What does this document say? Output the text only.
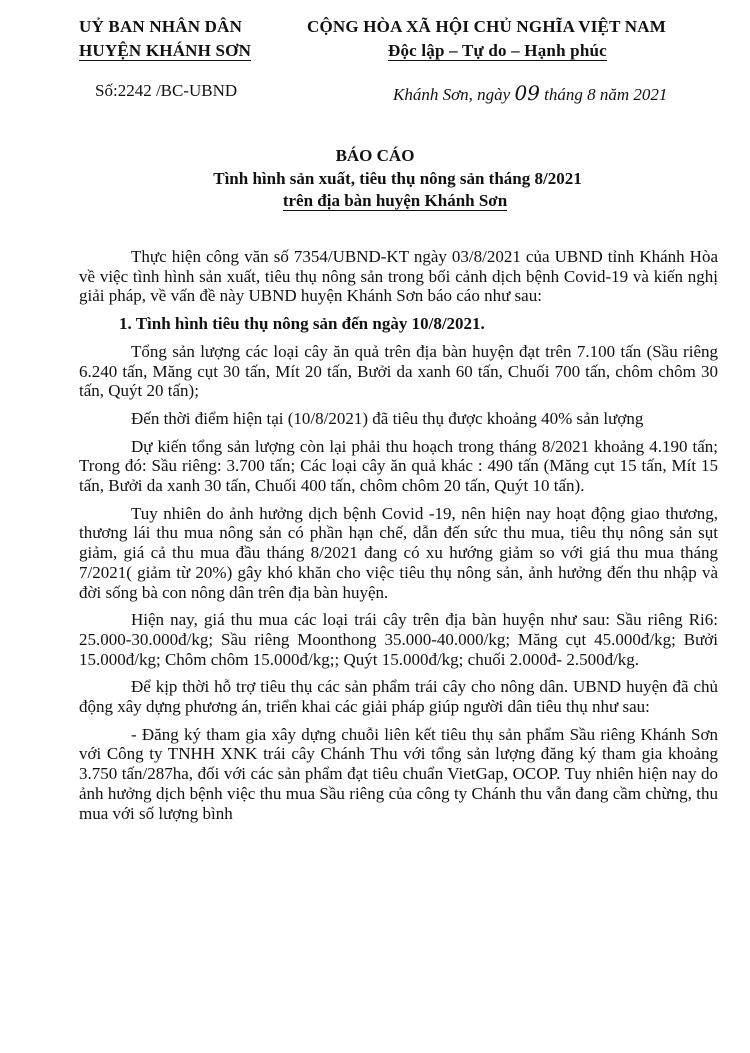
UỶ BAN NHÂN DÂN
HUYỆN KHÁNH SƠN
Số:2242 /BC-UBND
CỘNG HÒA XÃ HỘI CHỦ NGHĨA VIỆT NAM
Độc lập – Tự do – Hạnh phúc
Khánh Sơn, ngày 09 tháng 8 năm 2021
BÁO CÁO
Tình hình sản xuất, tiêu thụ nông sản tháng 8/2021
trên địa bàn huyện Khánh Sơn

Thực hiện công văn số 7354/UBND-KT ngày 03/8/2021 của UBND tỉnh Khánh Hòa về việc tình hình sản xuất, tiêu thụ nông sản trong bối cảnh dịch bệnh Covid-19 và kiến nghị giải pháp, về vấn đề này UBND huyện Khánh Sơn báo cáo như sau:

1. Tình hình tiêu thụ nông sản đến ngày 10/8/2021.

Tổng sản lượng các loại cây ăn quả trên địa bàn huyện đạt trên 7.100 tấn (Sầu riêng 6.240 tấn, Măng cụt 30 tấn, Mít 20 tấn, Bưởi da xanh 60 tấn, Chuối 700 tấn, chôm chôm 30 tấn, Quýt 20 tấn);

Đến thời điểm hiện tại (10/8/2021) đã tiêu thụ được khoảng 40% sản lượng

Dự kiến tổng sản lượng còn lại phải thu hoạch trong tháng 8/2021 khoảng 4.190 tấn; Trong đó: Sầu riêng: 3.700 tấn; Các loại cây ăn quả khác : 490 tấn (Măng cụt 15 tấn, Mít 15 tấn, Bưởi da xanh 30 tấn, Chuối 400 tấn, chôm chôm 20 tấn, Quýt 10 tấn).

Tuy nhiên do ảnh hưởng dịch bệnh Covid -19, nên hiện nay hoạt động giao thương, thương lái thu mua nông sản có phần hạn chế, dẫn đến sức thu mua, tiêu thụ nông sản sụt giảm, giá cả thu mua đầu tháng 8/2021 đang có xu hướng giảm so với giá thu mua tháng 7/2021( giảm từ 20%) gây khó khăn cho việc tiêu thụ nông sản, ảnh hưởng đến thu nhập và đời sống bà con nông dân trên địa bàn huyện.

Hiện nay, giá thu mua các loại trái cây trên địa bàn huyện như sau: Sầu riêng Ri6: 25.000-30.000đ/kg; Sầu riêng Moonthong 35.000-40.000/kg; Măng cụt 45.000đ/kg; Bưởi 15.000đ/kg; Chôm chôm 15.000đ/kg;; Quýt 15.000đ/kg; chuối 2.000đ- 2.500đ/kg.

Để kịp thời hỗ trợ tiêu thụ các sản phẩm trái cây cho nông dân. UBND huyện đã chủ động xây dựng phương án, triển khai các giải pháp giúp người dân tiêu thụ như sau:

- Đăng ký tham gia xây dựng chuỗi liên kết tiêu thụ sản phẩm Sầu riêng Khánh Sơn với Công ty TNHH XNK trái cây Chánh Thu với tổng sản lượng đăng ký tham gia khoảng 3.750 tấn/287ha, đối với các sản phẩm đạt tiêu chuẩn VietGap, OCOP. Tuy nhiên hiện nay do ảnh hưởng dịch bệnh việc thu mua Sầu riêng của công ty Chánh thu vẫn đang cầm chừng, thu mua với số lượng bình
